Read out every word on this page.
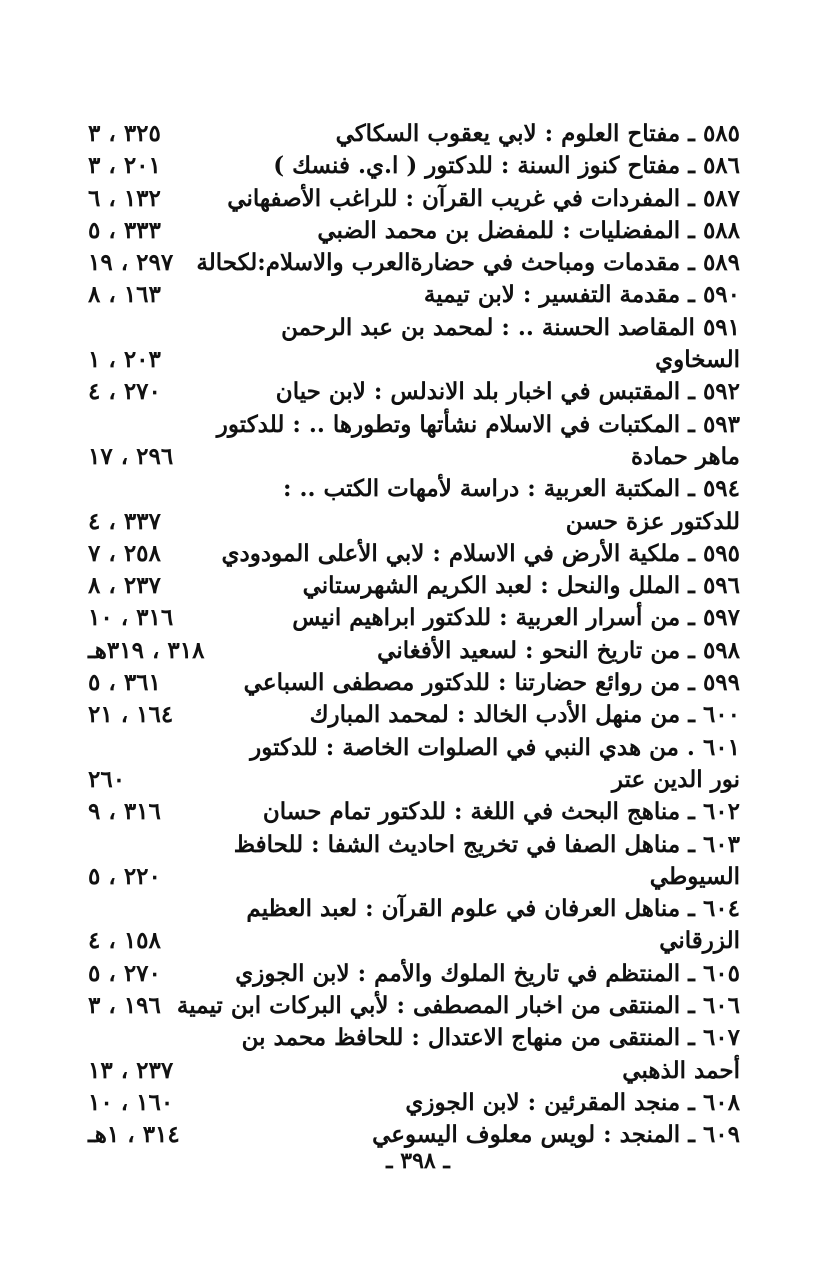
٥٨٥ ـ مفتاح العلوم : لابي يعقوب السكاكي
٣٢٥ ، ٣
٥٨٦ ـ مفتاح كنوز السنة : للدكتور ( ا.ي. فنسك )
٢٠١ ، ٣
٥٨٧ ـ المفردات في غريب القرآن : للراغب الأصفهاني
١٣٢ ، ٦
٥٨٨ ـ المفضليات : للمفضل بن محمد الضبي
٣٣٣ ، ٥
٥٨٩ ـ مقدمات ومباحث في حضارةالعرب والاسلام:لكحالة
٢٩٧ ، ١٩
٥٩٠ ـ مقدمة التفسير : لابن تيمية
١٦٣ ، ٨
٥٩١ المقاصد الحسنة .. : لمحمد بن عبد الرحمن
السخاوي
٢٠٣ ، ١
٥٩٢ ـ المقتبس في اخبار بلد الاندلس : لابن حيان
٢٧٠ ، ٤
٥٩٣ ـ المكتبات في الاسلام نشأتها وتطورها .. : للدكتور
ماهر حمادة
٢٩٦ ، ١٧
٥٩٤ ـ المكتبة العربية : دراسة لأمهات الكتب .. :
للدكتور عزة حسن
٣٣٧ ، ٤
٥٩٥ ـ ملكية الأرض في الاسلام : لابي الأعلى المودودي
٢٥٨ ، ٧
٥٩٦ ـ الملل والنحل : لعبد الكريم الشهرستاني
٢٣٧ ، ٨
٥٩٧ ـ من أسرار العربية : للدكتور ابراهيم انيس
٣١٦ ، ١٠
٥٩٨ ـ من تاريخ النحو : لسعيد الأفغاني
٣١٨ ، ٣١٩هـ
٥٩٩ ـ من روائع حضارتنا : للدكتور مصطفى السباعي
٣٦١ ، ٥
٦٠٠ ـ من منهل الأدب الخالد : لمحمد المبارك
١٦٤ ، ٢١
٦٠١ . من هدي النبي في الصلوات الخاصة : للدكتور
نور الدين عتر
٢٦٠
٦٠٢ ـ مناهج البحث في اللغة : للدكتور تمام حسان
٣١٦ ، ٩
٦٠٣ ـ مناهل الصفا في تخريج احاديث الشفا : للحافظ
السيوطي
٢٢٠ ، ٥
٦٠٤ ـ مناهل العرفان في علوم القرآن : لعبد العظيم
الزرقاني
١٥٨ ، ٤
٦٠٥ ـ المنتظم في تاريخ الملوك والأمم : لابن الجوزي
٢٧٠ ، ٥
٦٠٦ ـ المنتقى من اخبار المصطفى : لأبي البركات ابن تيمية
١٩٦ ، ٣
٦٠٧ ـ المنتقى من منهاج الاعتدال : للحافظ محمد بن
أحمد الذهبي
٢٣٧ ، ١٣
٦٠٨ ـ منجد المقرئين : لابن الجوزي
١٦٠ ، ١٠
٦٠٩ ـ المنجد : لويس معلوف اليسوعي
٣١٤ ، ١هـ
ـ ٣٩٨ ـ
